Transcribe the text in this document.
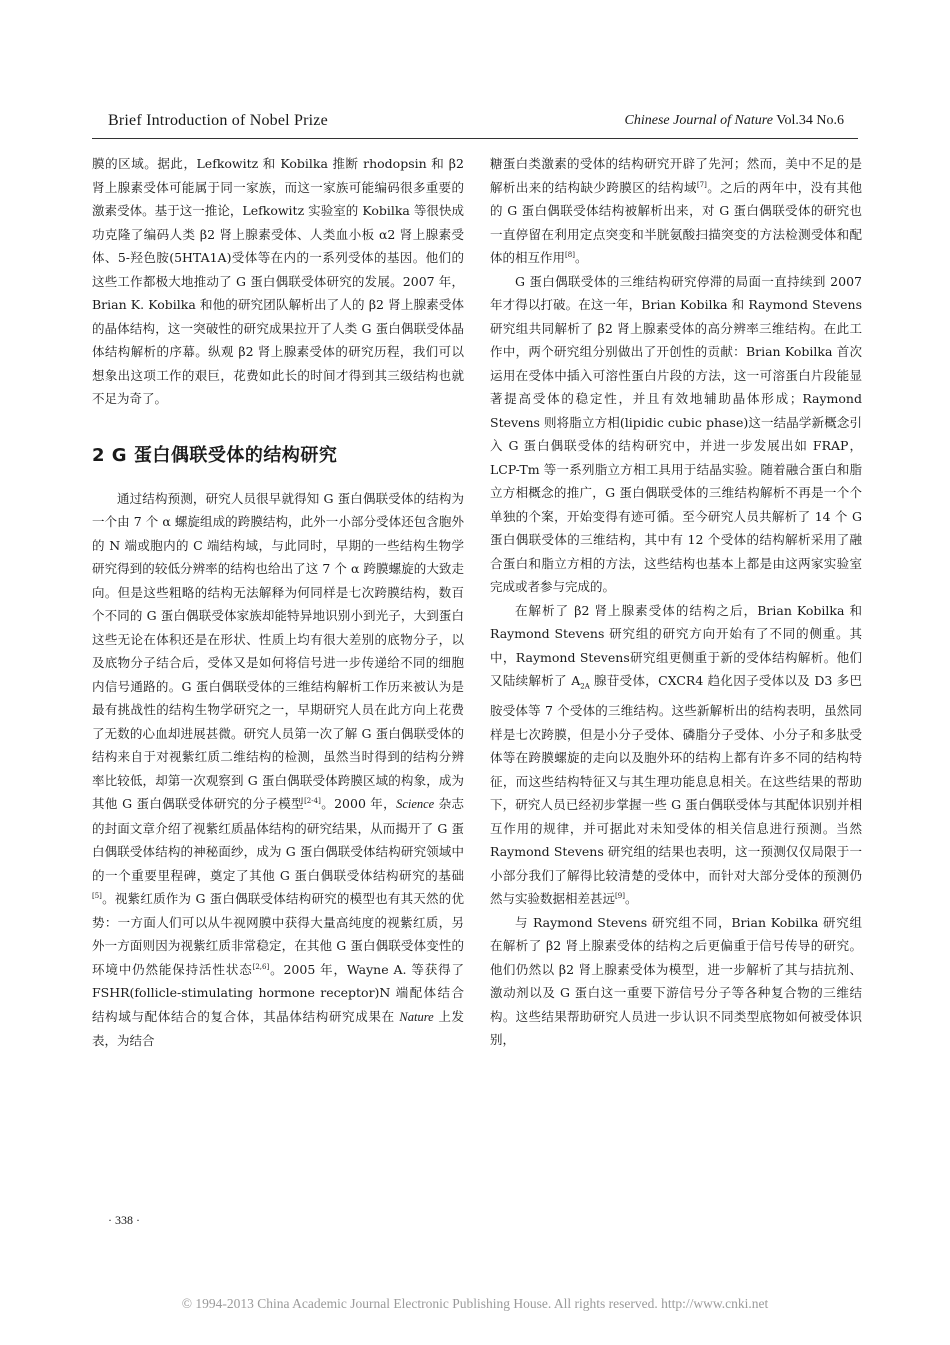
Brief Introduction of Nobel Prize	Chinese Journal of Nature Vol.34 No.6

膜的区域。据此，Lefkowitz 和 Kobilka 推断 rhodopsin 和 β2 肾上腺素受体可能属于同一家族，而这一家族可能编码很多重要的激素受体。基于这一推论，Lefkowitz 实验室的 Kobilka 等很快成功克隆了编码人类 β2 肾上腺素受体、人类血小板 α2 肾上腺素受体、5-羟色胺(5HTA1A)受体等在内的一系列受体的基因。他们的这些工作都极大地推动了 G 蛋白偶联受体研究的发展。2007 年，Brian K. Kobilka 和他的研究团队解析出了人的 β2 肾上腺素受体的晶体结构，这一突破性的研究成果拉开了人类 G 蛋白偶联受体晶体结构解析的序幕。纵观 β2 肾上腺素受体的研究历程，我们可以想象出这项工作的艰巨，花费如此长的时间才得到其三级结构也就不足为奇了。

2 G 蛋白偶联受体的结构研究

通过结构预测，研究人员很早就得知 G 蛋白偶联受体的结构为一个由 7 个 α 螺旋组成的跨膜结构，此外一小部分受体还包含胞外的 N 端或胞内的 C 端结构域，与此同时，早期的一些结构生物学研究得到的较低分辨率的结构也给出了这 7 个 α 跨膜螺旋的大致走向。但是这些粗略的结构无法解释为何同样是七次跨膜结构，数百个不同的 G 蛋白偶联受体家族却能特异地识别小到光子，大到蛋白这些无论在体积还是在形状、性质上均有很大差别的底物分子，以及底物分子结合后，受体又是如何将信号进一步传递给不同的细胞内信号通路的。G 蛋白偶联受体的三维结构解析工作历来被认为是最有挑战性的结构生物学研究之一，早期研究人员在此方向上花费了无数的心血却进展甚微。研究人员第一次了解 G 蛋白偶联受体的结构来自于对视紫红质二维结构的检测，虽然当时得到的结构分辨率比较低，却第一次观察到 G 蛋白偶联受体跨膜区域的构象，成为其他 G 蛋白偶联受体研究的分子模型[2-4]。2000 年，Science 杂志的封面文章介绍了视紫红质晶体结构的研究结果，从而揭开了 G 蛋白偶联受体结构的神秘面纱，成为 G 蛋白偶联受体结构研究领域中的一个重要里程碑，奠定了其他 G 蛋白偶联受体结构研究的基础[5]。视紫红质作为 G 蛋白偶联受体结构研究的模型也有其天然的优势：一方面人们可以从牛视网膜中获得大量高纯度的视紫红质，另外一方面则因为视紫红质非常稳定，在其他 G 蛋白偶联受体变性的环境中仍然能保持活性状态[2,6]。2005 年，Wayne A. 等获得了 FSHR(follicle-stimulating hormone receptor)N 端配体结合结构域与配体结合的复合体，其晶体结构研究成果在 Nature 上发表，为结合

糖蛋白类激素的受体的结构研究开辟了先河；然而，美中不足的是解析出来的结构缺少跨膜区的结构域[7]。之后的两年中，没有其他的 G 蛋白偶联受体结构被解析出来，对 G 蛋白偶联受体的研究也一直停留在利用定点突变和半胱氨酸扫描突变的方法检测受体和配体的相互作用[8]。

G 蛋白偶联受体的三维结构研究停滞的局面一直持续到 2007 年才得以打破。在这一年，Brian Kobilka 和 Raymond Stevens 研究组共同解析了 β2 肾上腺素受体的高分辨率三维结构。在此工作中，两个研究组分别做出了开创性的贡献：Brian Kobilka 首次运用在受体中插入可溶性蛋白片段的方法，这一可溶蛋白片段能显著提高受体的稳定性，并且有效地辅助晶体形成；Raymond Stevens 则将脂立方相(lipidic cubic phase)这一结晶学新概念引入 G 蛋白偶联受体的结构研究中，并进一步发展出如 FRAP，LCP-Tm 等一系列脂立方相工具用于结晶实验。随着融合蛋白和脂立方相概念的推广，G 蛋白偶联受体的三维结构解析不再是一个个单独的个案，开始变得有迹可循。至今研究人员共解析了 14 个 G 蛋白偶联受体的三维结构，其中有 12 个受体的结构解析采用了融合蛋白和脂立方相的方法，这些结构也基本上都是由这两家实验室完成或者参与完成的。

在解析了 β2 肾上腺素受体的结构之后，Brian Kobilka 和 Raymond Stevens 研究组的研究方向开始有了不同的侧重。其中，Raymond Stevens研究组更侧重于新的受体结构解析。他们又陆续解析了 $A_{2A}$ 腺苷受体，CXCR4 趋化因子受体以及 D3 多巴胺受体等 7 个受体的三维结构。这些新解析出的结构表明，虽然同样是七次跨膜，但是小分子受体、磷脂分子受体、小分子和多肽受体等在跨膜螺旋的走向以及胞外环的结构上都有许多不同的结构特征，而这些结构特征又与其生理功能息息相关。在这些结果的帮助下，研究人员已经初步掌握一些 G 蛋白偶联受体与其配体识别并相互作用的规律，并可据此对未知受体的相关信息进行预测。当然 Raymond Stevens 研究组的结果也表明，这一预测仅仅局限于一小部分我们了解得比较清楚的受体中，而针对大部分受体的预测仍然与实验数据相差甚远[9]。

与 Raymond Stevens 研究组不同，Brian Kobilka 研究组在解析了 β2 肾上腺素受体的结构之后更偏重于信号传导的研究。他们仍然以 β2 肾上腺素受体为模型，进一步解析了其与拮抗剂、激动剂以及 G 蛋白这一重要下游信号分子等各种复合物的三维结构。这些结果帮助研究人员进一步认识不同类型底物如何被受体识别，

· 338 ·
© 1994-2013 China Academic Journal Electronic Publishing House. All rights reserved. http://www.cnki.net
